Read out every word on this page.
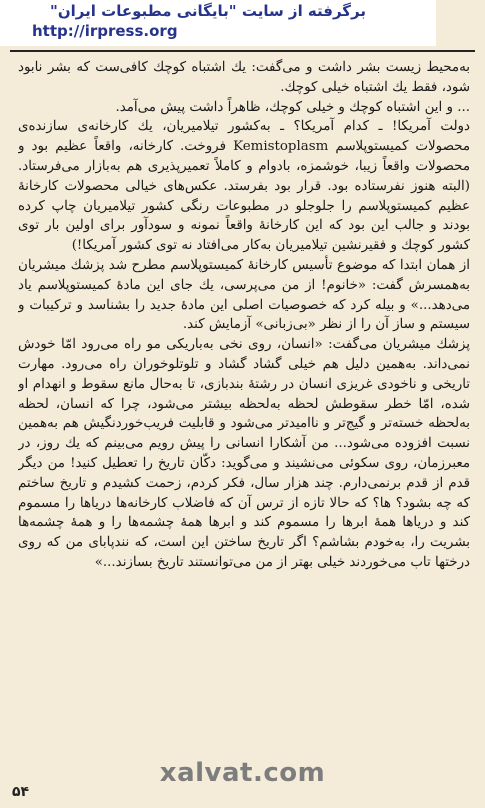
برگرفته از سایت "بایگانی مطبوعات ایران"
http://irpress.org

به‌محیط زیست بشر داشت و می‌گفت: یك اشتباه کوچك کافی‌ست که بشر نابود شود، فقط یك اشتباه خیلی کوچك.

... و این اشتباه کوچك و خیلی کوچك، ظاهراً داشت پیش می‌آمد.

دولت آمریکا! ـ کدام آمریکا؟ ـ به‌کشور تیلامیریان، یك کارخانه‌ی سازنده‌ی محصولات کمیستوپلاسم Kemistoplasm فروخت. کارخانه، واقعاً عظیم بود و محصولات واقعاً زیبا، خوشمزه، بادوام و کاملاً تعمیرپذیری هم به‌بازار می‌فرستاد. (البته هنوز نفرستاده بود. قرار بود بفرستد. عکس‌های خیالی محصولات کارخانهٔ عظیم کمیستوپلاسم را جلوجلو در مطبوعات رنگی کشور تیلامیریان چاپ کرده بودند و جالب این بود که این کارخانهٔ واقعاً نمونه و سودآور برای اولین بار توی کشور کوچك و فقیرنشین تیلامیریان به‌کار می‌افتاد نه توی کشور آمریکا!)

از همان ابتدا که موضوع تأسیس کارخانهٔ کمیستوپلاسم مطرح شد پزشك میشریان به‌همسرش گفت: «خانوم! از من می‌پرسی، یك جای این مادهٔ کمیستوپلاسم یاد می‌دهد...» و بیله کرد که خصوصیات اصلی این مادهٔ جدید را بشناسد و ترکیبات و سیستم و ساز آن را از نظر «بی‌زبانی» آزمایش کند.

پزشك میشریان می‌گفت: «انسان، روی نخی به‌باریکی مو راه می‌رود امّا خودش نمی‌داند. به‌همین دلیل هم خیلی گشاد گشاد و تلوتلوخوران راه می‌رود. مهارت تاریخی و ناخودی غریزی انسان در رشتهٔ بندبازی، تا به‌حال مانع سقوط و انهدام او شده، امّا خطر سقوطش لحظه به‌لحظه بیشتر می‌شود، چرا که انسان، لحظه به‌لحظه خسته‌تر و گیج‌تر و ناامیدتر می‌شود و قابلیت فریب‌خوردنگیش هم به‌همین نسبت افزوده می‌شود... من آشکارا انسانی را پیش رویم می‌بینم که یك روز، در معبرزمان، روی سکوئی می‌نشیند و می‌گوید: دکّان تاریخ را تعطیل کنید! من دیگر قدم از قدم برنمی‌دارم. چند هزار سال، فکر کردم، زحمت کشیدم و تاریخ ساختم که چه بشود؟ ها؟ که حالا تازه از ترس آن که فاضلاب کارخانه‌ها دریاها را مسموم کند و دریاها همهٔ ابرها را مسموم کند و ابرها همهٔ چشمه‌ها را و همهٔ چشمه‌ها بشریت را، به‌خودم بشاشم؟ اگر تاریخ ساختن این است، که نندپابای من که روی درختها تاب می‌خوردند خیلی بهتر از من می‌توانستند تاریخ بسازند...»

xalvat.com
۵۴
